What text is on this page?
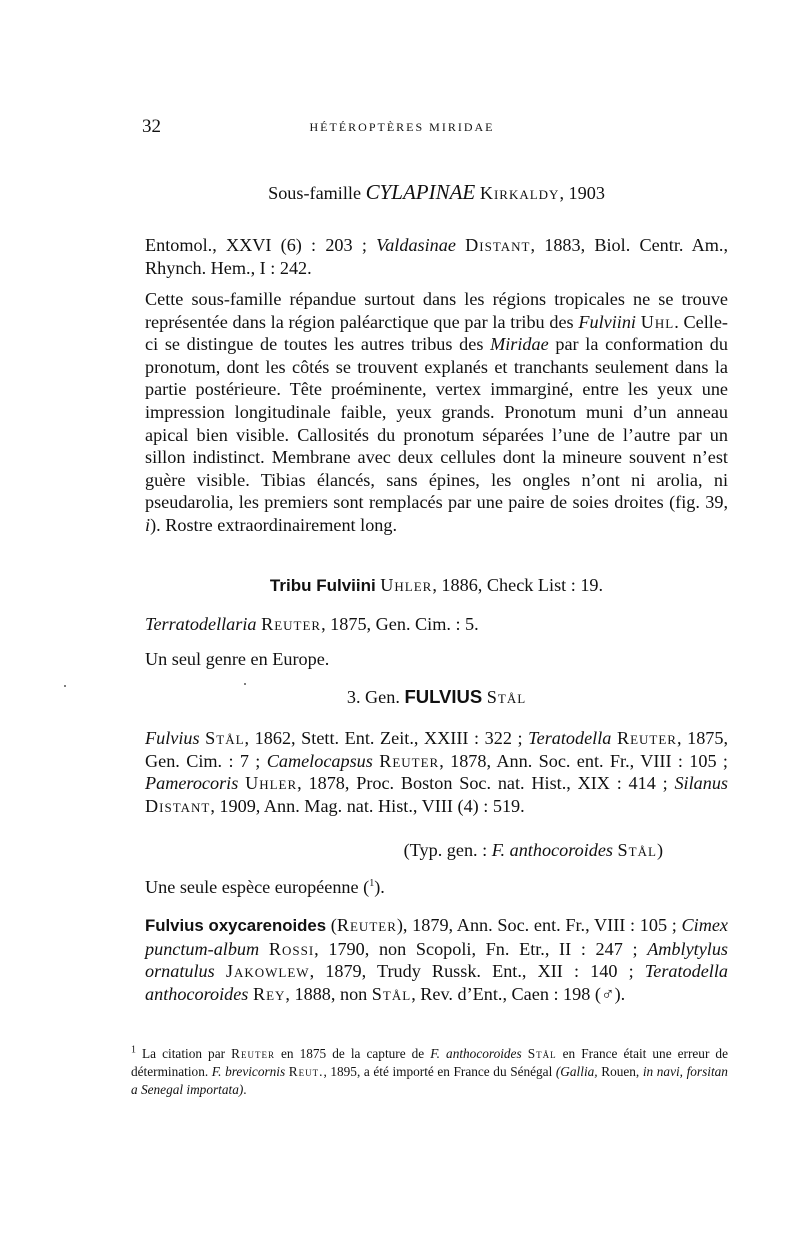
32	HÉTÉROPTÈRES MIRIDAE
Sous-famille CYLAPINAE Kirkaldy, 1903
Entomol., XXVI (6) : 203 ; Valdasinae Distant, 1883, Biol. Centr. Am., Rhynch. Hem., I : 242.
Cette sous-famille répandue surtout dans les régions tropicales ne se trouve représentée dans la région paléarctique que par la tribu des Fulviini Uhl. Celle-ci se distingue de toutes les autres tribus des Miridae par la conformation du pronotum, dont les côtés se trouvent explanés et tranchants seulement dans la partie postérieure. Tête proéminente, vertex immarginé, entre les yeux une impression longitudinale faible, yeux grands. Pronotum muni d’un anneau apical bien visible. Callosités du pronotum séparées l’une de l’autre par un sillon indistinct. Membrane avec deux cellules dont la mineure souvent n’est guère visible. Tibias élancés, sans épines, les ongles n’ont ni arolia, ni pseudarolia, les premiers sont remplacés par une paire de soies droites (fig. 39, i). Rostre extraordinairement long.
Tribu Fulviini Uhler, 1886, Check List : 19.
Terratodellaria Reuter, 1875, Gen. Cim. : 5.
Un seul genre en Europe.
3. Gen. FULVIUS Stål
Fulvius Stål, 1862, Stett. Ent. Zeit., XXIII : 322 ; Teratodella Reuter, 1875, Gen. Cim. : 7 ; Camelocapsus Reuter, 1878, Ann. Soc. ent. Fr., VIII : 105 ; Pamerocoris Uhler, 1878, Proc. Boston Soc. nat. Hist., XIX : 414 ; Silanus Distant, 1909, Ann. Mag. nat. Hist., VIII (4) : 519.
(Typ. gen. : F. anthocoroides Stål)
Une seule espèce européenne ($^1$).
Fulvius oxycarenoides (Reuter), 1879, Ann. Soc. ent. Fr., VIII : 105 ; Cimex punctum-album Rossi, 1790, non Scopoli, Fn. Etr., II : 247 ; Amblytylus ornatulus Jakowlew, 1879, Trudy Russk. Ent., XII : 140 ; Teratodella anthocoroides Rey, 1888, non Stål, Rev. d’Ent., Caen : 198 (♂).
$^1$ La citation par Reuter en 1875 de la capture de F. anthocoroides Stål en France était une erreur de détermination. F. brevicornis Reut., 1895, a été importé en France du Sénégal (Gallia, Rouen, in navi, forsitan a Senegal importata).
